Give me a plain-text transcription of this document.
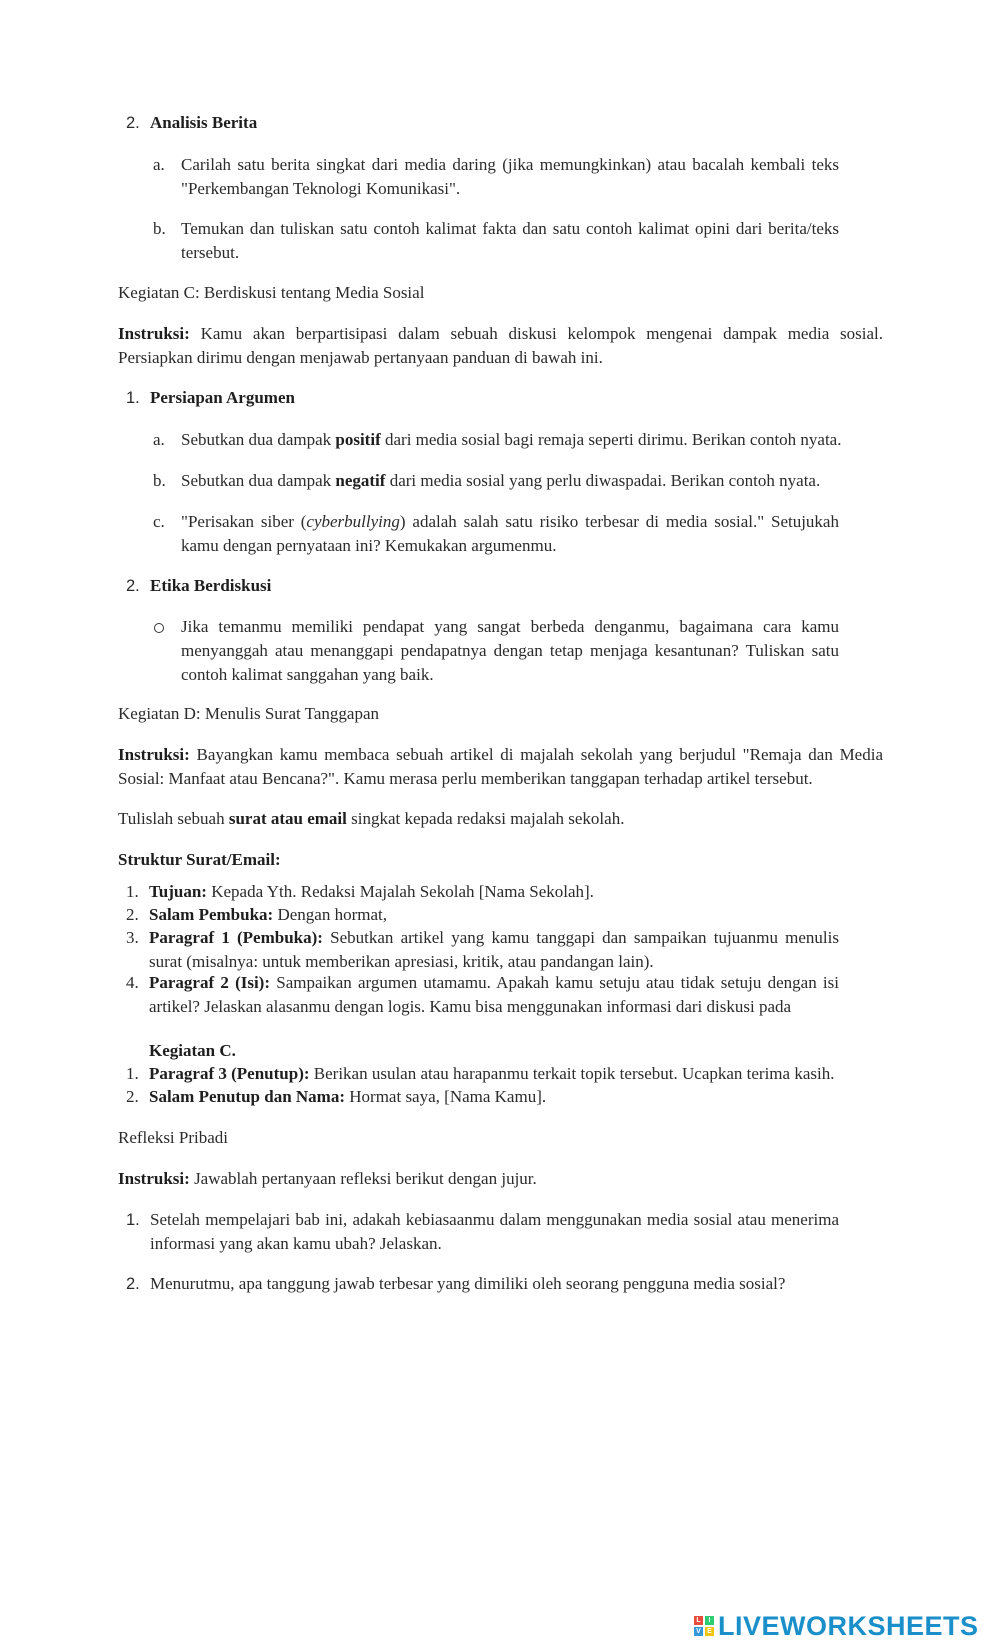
2. Analisis Berita
a. Carilah satu berita singkat dari media daring (jika memungkinkan) atau bacalah kembali teks "Perkembangan Teknologi Komunikasi".
b. Temukan dan tuliskan satu contoh kalimat fakta dan satu contoh kalimat opini dari berita/teks tersebut.
Kegiatan C: Berdiskusi tentang Media Sosial
Instruksi: Kamu akan berpartisipasi dalam sebuah diskusi kelompok mengenai dampak media sosial. Persiapkan dirimu dengan menjawab pertanyaan panduan di bawah ini.
1. Persiapan Argumen
a. Sebutkan dua dampak positif dari media sosial bagi remaja seperti dirimu. Berikan contoh nyata.
b. Sebutkan dua dampak negatif dari media sosial yang perlu diwaspadai. Berikan contoh nyata.
c. "Perisakan siber (cyberbullying) adalah salah satu risiko terbesar di media sosial." Setujukah kamu dengan pernyataan ini? Kemukakan argumenmu.
2. Etika Berdiskusi
Jika temanmu memiliki pendapat yang sangat berbeda denganmu, bagaimana cara kamu menyanggah atau menanggapi pendapatnya dengan tetap menjaga kesantunan? Tuliskan satu contoh kalimat sanggahan yang baik.
Kegiatan D: Menulis Surat Tanggapan
Instruksi: Bayangkan kamu membaca sebuah artikel di majalah sekolah yang berjudul "Remaja dan Media Sosial: Manfaat atau Bencana?". Kamu merasa perlu memberikan tanggapan terhadap artikel tersebut.
Tulislah sebuah surat atau email singkat kepada redaksi majalah sekolah.
Struktur Surat/Email:
1. Tujuan: Kepada Yth. Redaksi Majalah Sekolah [Nama Sekolah].
2. Salam Pembuka: Dengan hormat,
3. Paragraf 1 (Pembuka): Sebutkan artikel yang kamu tanggapi dan sampaikan tujuanmu menulis surat (misalnya: untuk memberikan apresiasi, kritik, atau pandangan lain).
4. Paragraf 2 (Isi): Sampaikan argumen utamamu. Apakah kamu setuju atau tidak setuju dengan isi artikel? Jelaskan alasanmu dengan logis. Kamu bisa menggunakan informasi dari diskusi pada
Kegiatan C.
1. Paragraf 3 (Penutup): Berikan usulan atau harapanmu terkait topik tersebut. Ucapkan terima kasih.
2. Salam Penutup dan Nama: Hormat saya, [Nama Kamu].
Refleksi Pribadi
Instruksi: Jawablah pertanyaan refleksi berikut dengan jujur.
1. Setelah mempelajari bab ini, adakah kebiasaanmu dalam menggunakan media sosial atau menerima informasi yang akan kamu ubah? Jelaskan.
2. Menurutmu, apa tanggung jawab terbesar yang dimiliki oleh seorang pengguna media sosial?
L	I
V E LIVEWORKSHEETS
